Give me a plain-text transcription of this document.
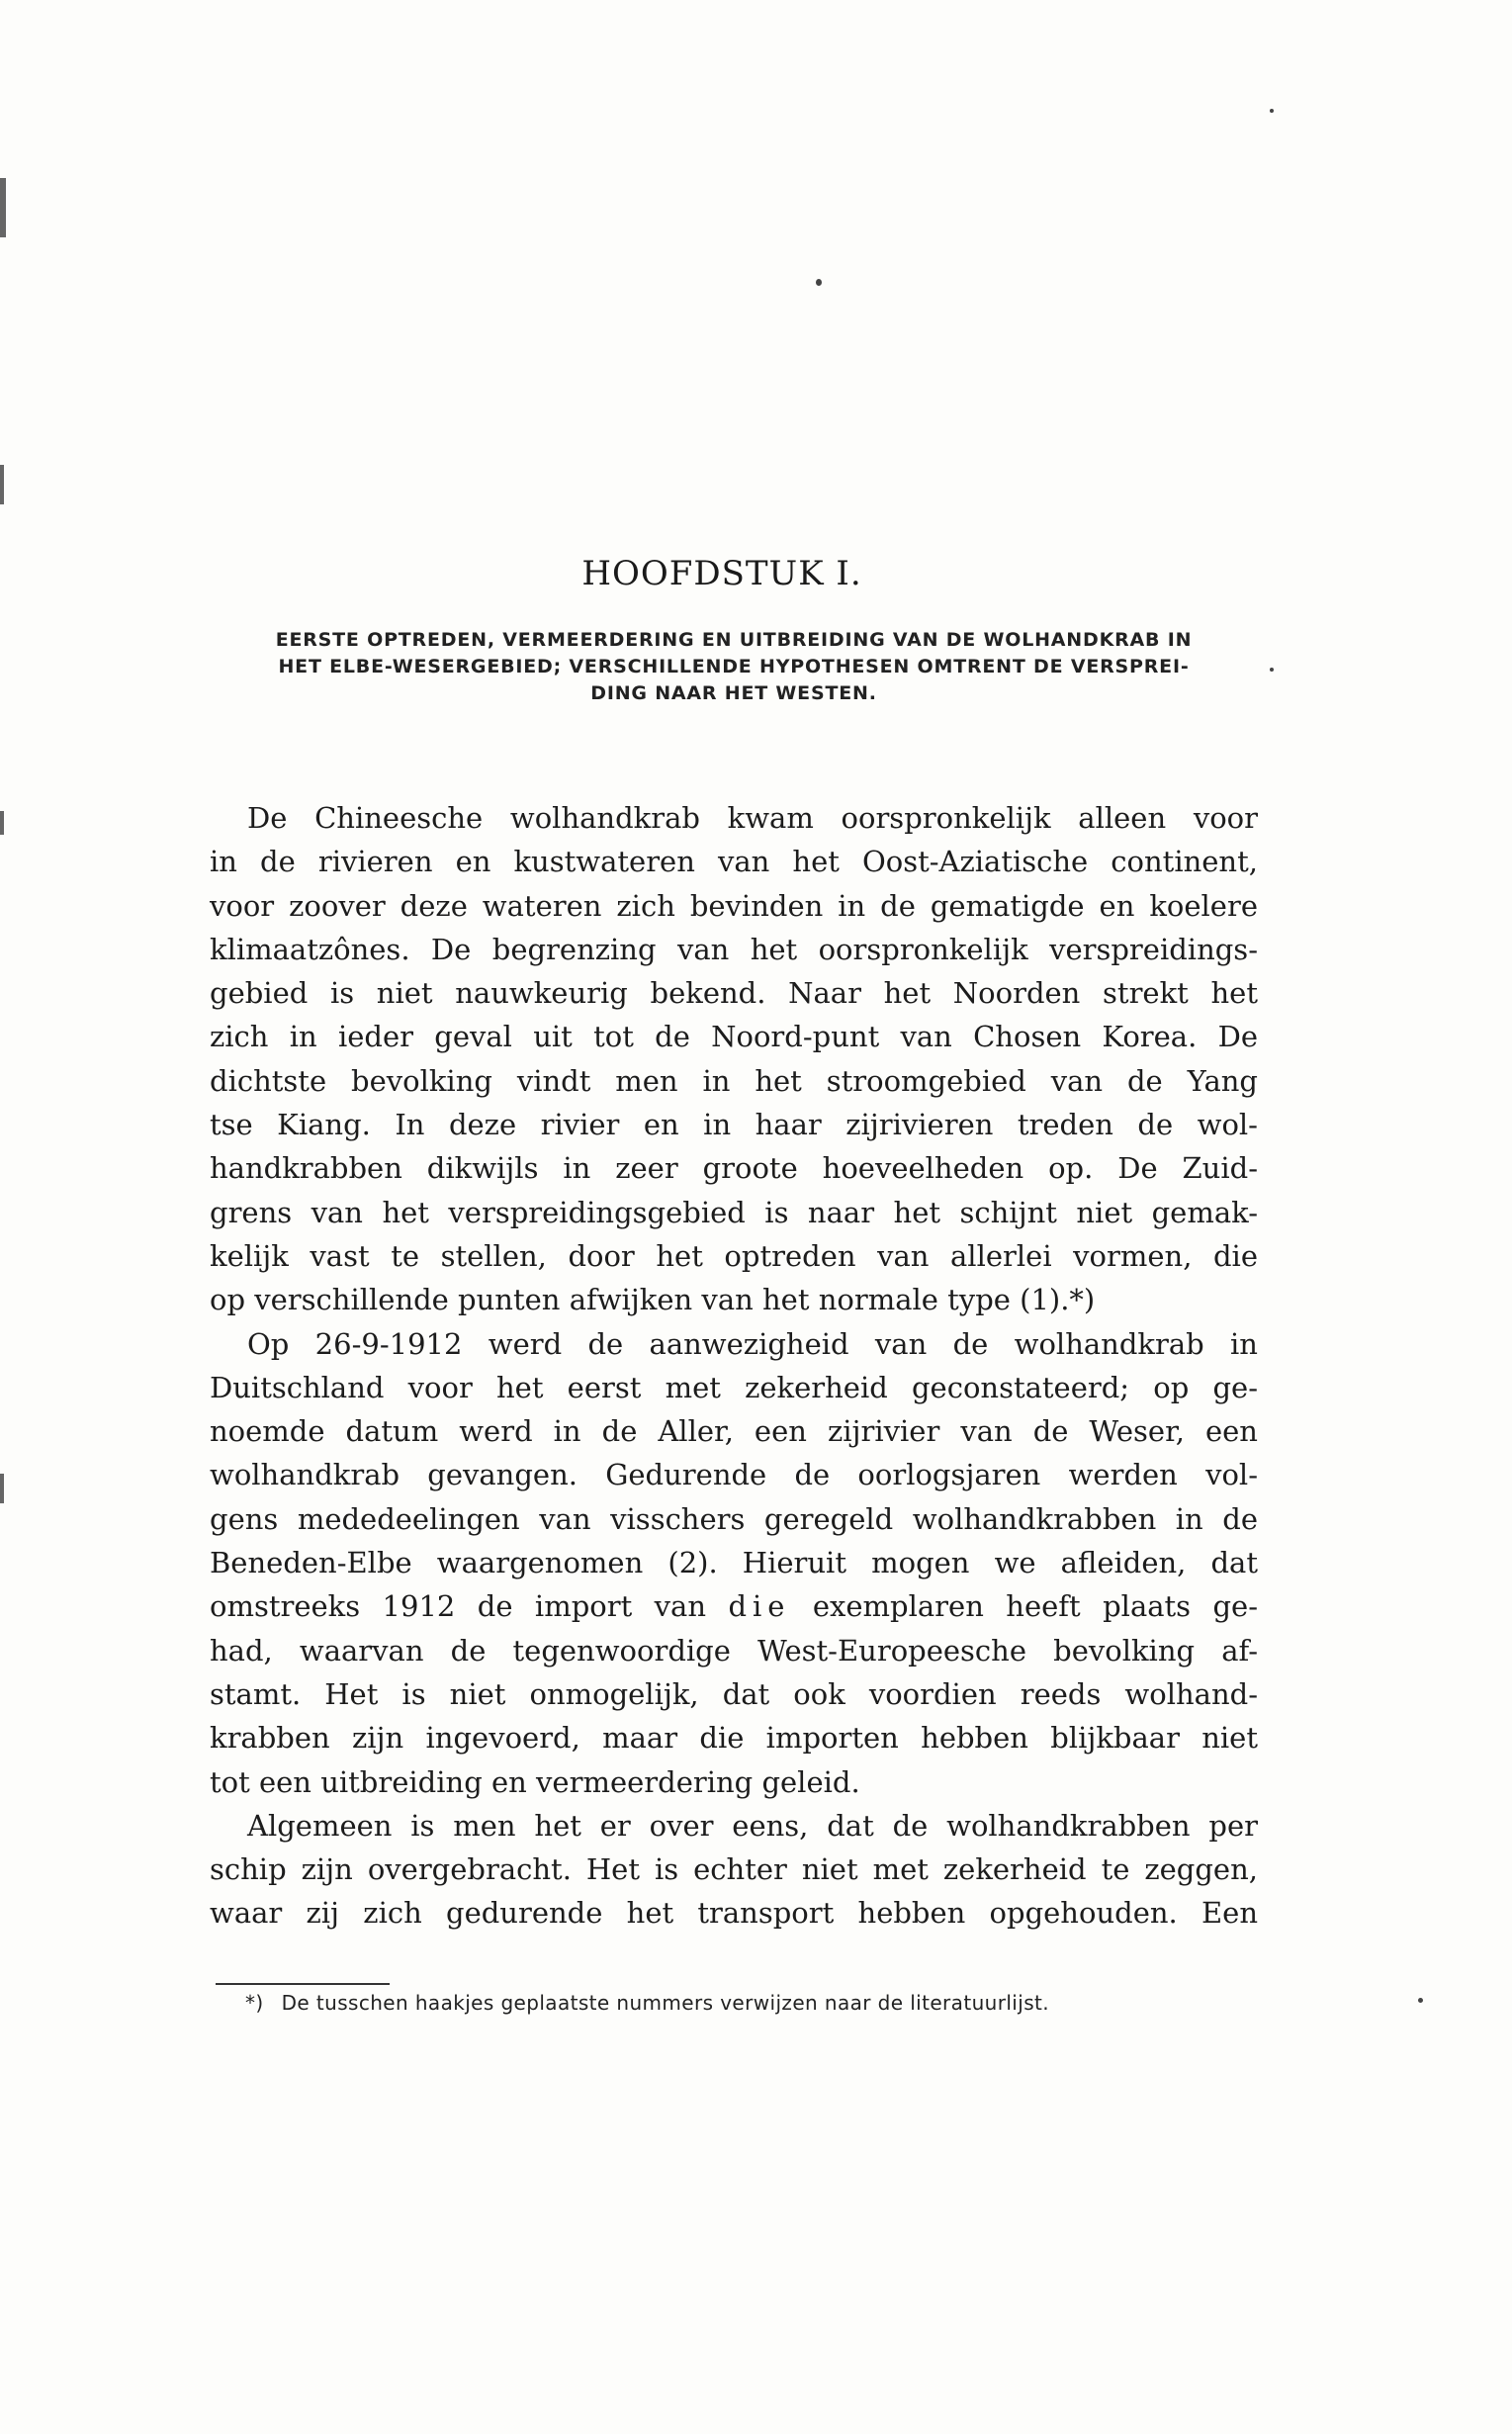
HOOFDSTUK I.
EERSTE OPTREDEN, VERMEERDERING EN UITBREIDING VAN DE WOLHANDKRAB IN
HET ELBE-WESERGEBIED; VERSCHILLENDE HYPOTHESEN OMTRENT DE VERSPREI-
DING NAAR HET WESTEN.
De Chineesche wolhandkrab kwam oorspronkelijk alleen voor
in de rivieren en kustwateren van het Oost-Aziatische continent,
voor zoover deze wateren zich bevinden in de gematigde en koelere
klimaatzônes. De begrenzing van het oorspronkelijk verspreidings-
gebied is niet nauwkeurig bekend. Naar het Noorden strekt het
zich in ieder geval uit tot de Noord-punt van Chosen Korea. De
dichtste bevolking vindt men in het stroomgebied van de Yang
tse Kiang. In deze rivier en in haar zijrivieren treden de wol-
handkrabben dikwijls in zeer groote hoeveelheden op. De Zuid-
grens van het verspreidingsgebied is naar het schijnt niet gemak-
kelijk vast te stellen, door het optreden van allerlei vormen, die
op verschillende punten afwijken van het normale type (1).*)
Op 26-9-1912 werd de aanwezigheid van de wolhandkrab in
Duitschland voor het eerst met zekerheid geconstateerd; op ge-
noemde datum werd in de Aller, een zijrivier van de Weser, een
wolhandkrab gevangen. Gedurende de oorlogsjaren werden vol-
gens mededeelingen van visschers geregeld wolhandkrabben in de
Beneden-Elbe waargenomen (2). Hieruit mogen we afleiden, dat
omstreeks 1912 de import van die exemplaren heeft plaats ge-
had, waarvan de tegenwoordige West-Europeesche bevolking af-
stamt. Het is niet onmogelijk, dat ook voordien reeds wolhand-
krabben zijn ingevoerd, maar die importen hebben blijkbaar niet
tot een uitbreiding en vermeerdering geleid.
Algemeen is men het er over eens, dat de wolhandkrabben per
schip zijn overgebracht. Het is echter niet met zekerheid te zeggen,
waar zij zich gedurende het transport hebben opgehouden. Een
*) De tusschen haakjes geplaatste nummers verwijzen naar de literatuurlijst.
